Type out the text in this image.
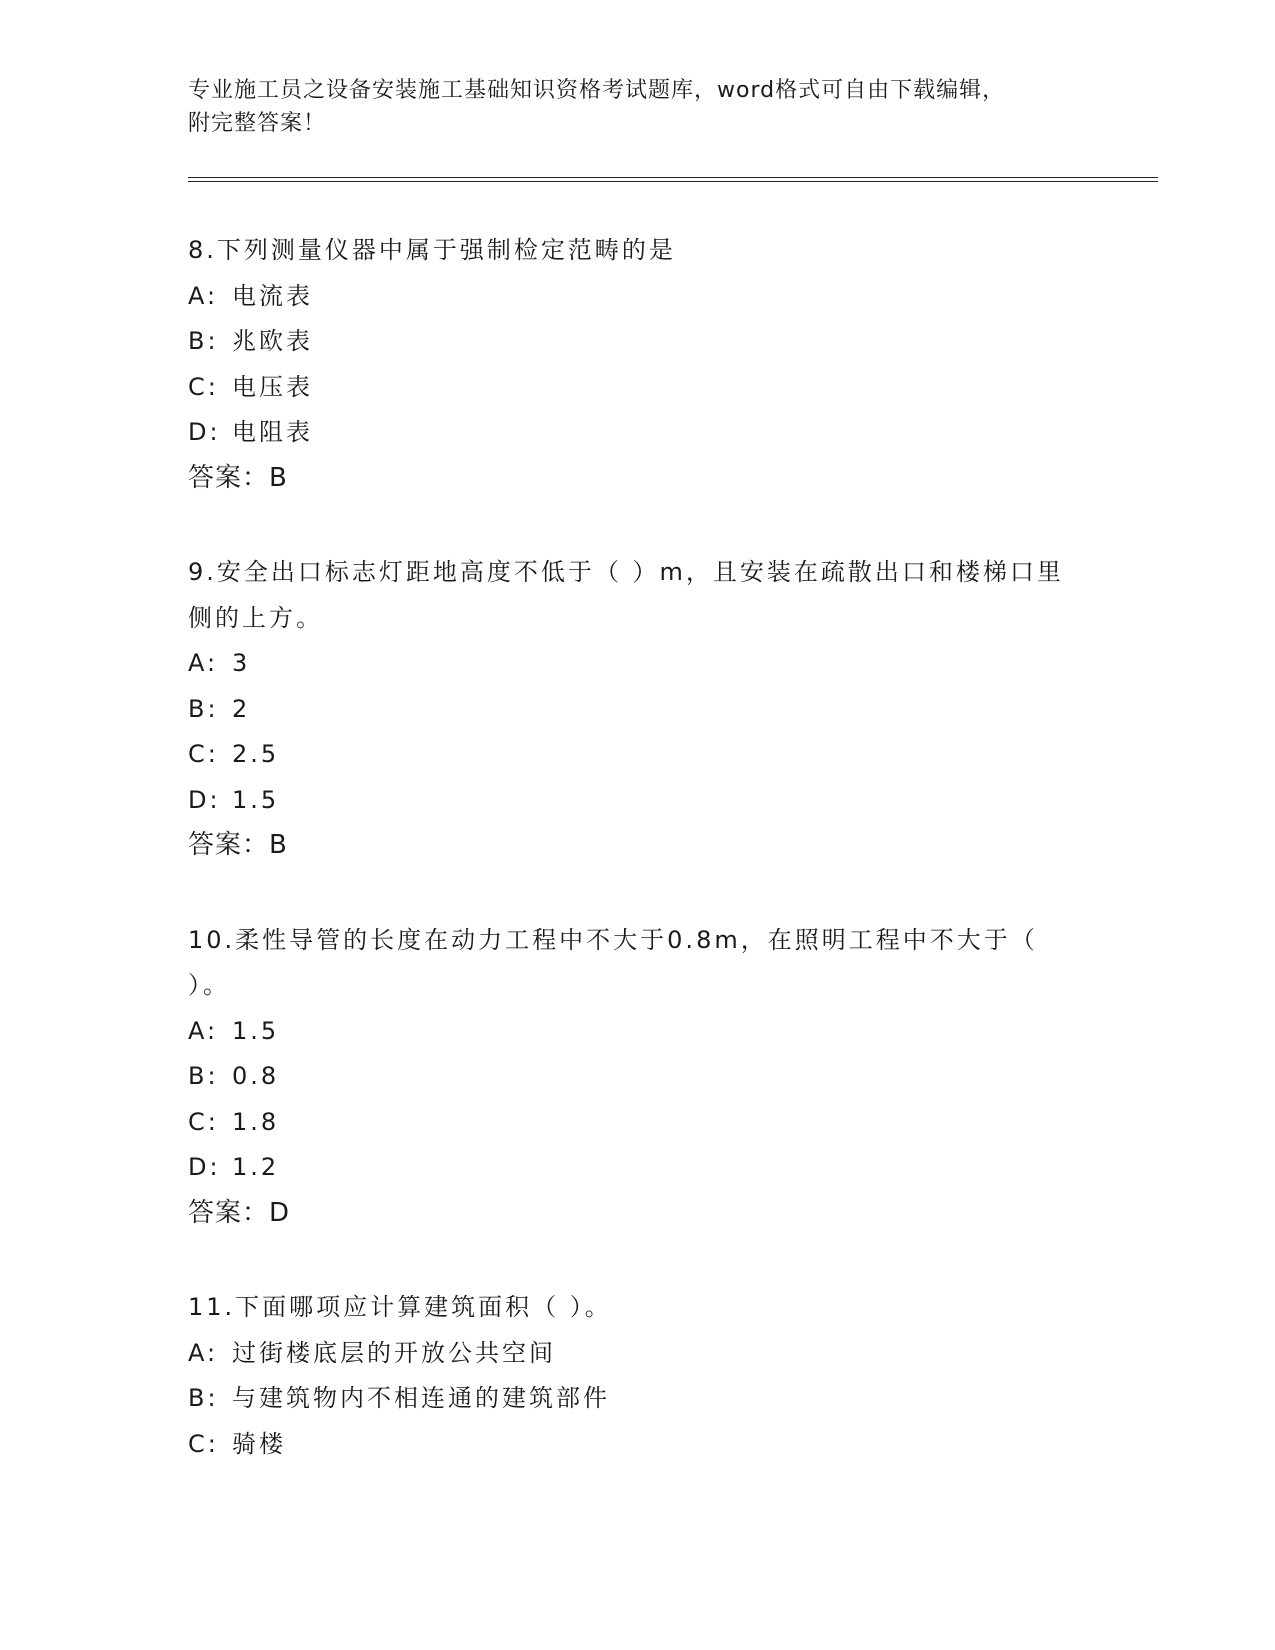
专业施工员之设备安装施工基础知识资格考试题库，word格式可自由下载编辑，
附完整答案！

8.下列测量仪器中属于强制检定范畴的是

A: 电流表

B: 兆欧表

C: 电压表

D: 电阻表

答案：B

9.安全出口标志灯距地高度不低于（ ）m，且安装在疏散出口和楼梯口里侧的上方。

A: 3

B: 2

C: 2.5

D: 1.5

答案：B

10.柔性导管的长度在动力工程中不大于0.8m，在照明工程中不大于（ ）。

A: 1.5

B: 0.8

C: 1.8

D: 1.2

答案：D

11.下面哪项应计算建筑面积（ ）。

A: 过街楼底层的开放公共空间

B: 与建筑物内不相连通的建筑部件

C: 骑楼
